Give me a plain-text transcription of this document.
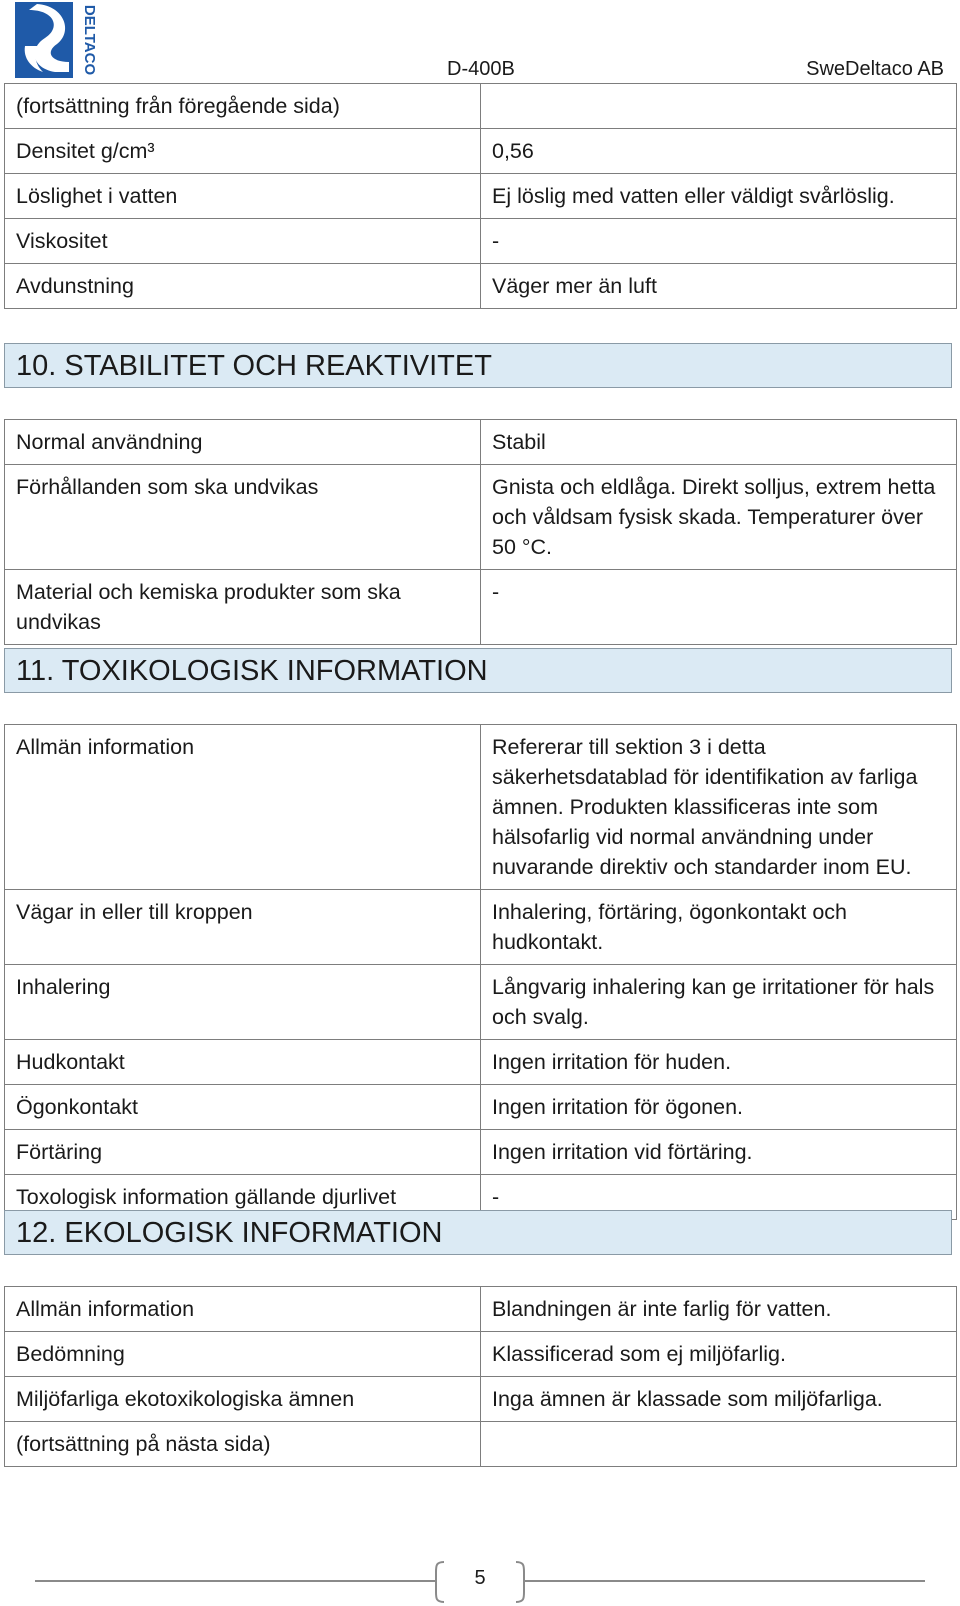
DELTACO	D-400B	SweDeltaco AB
(fortsättning från föregående sida)	
Densitet g/cm³	0,56
Löslighet i vatten	Ej löslig med vatten eller väldigt svårlöslig.
Viskositet	-
Avdunstning	Väger mer än luft
10. STABILITET OCH REAKTIVITET
Normal användning	Stabil
Förhållanden som ska undvikas	Gnista och eldlåga. Direkt solljus, extrem hetta och våldsam fysisk skada. Temperaturer över 50 °C.
Material och kemiska produkter som ska undvikas	-
11. TOXIKOLOGISK INFORMATION
Allmän information	Refererar till sektion 3 i detta säkerhetsdatablad för identifikation av farliga ämnen. Produkten klassificeras inte som hälsofarlig vid normal användning under nuvarande direktiv och standarder inom EU.
Vägar in eller till kroppen	Inhalering, förtäring, ögonkontakt och hudkontakt.
Inhalering	Långvarig inhalering kan ge irritationer för hals och svalg.
Hudkontakt	Ingen irritation för huden.
Ögonkontakt	Ingen irritation för ögonen.
Förtäring	Ingen irritation vid förtäring.
Toxologisk information gällande djurlivet	-
12. EKOLOGISK INFORMATION
Allmän information	Blandningen är inte farlig för vatten.
Bedömning	Klassificerad som ej miljöfarlig.
Miljöfarliga ekotoxikologiska ämnen	Inga ämnen är klassade som miljöfarliga.
(fortsättning på nästa sida)	
5
